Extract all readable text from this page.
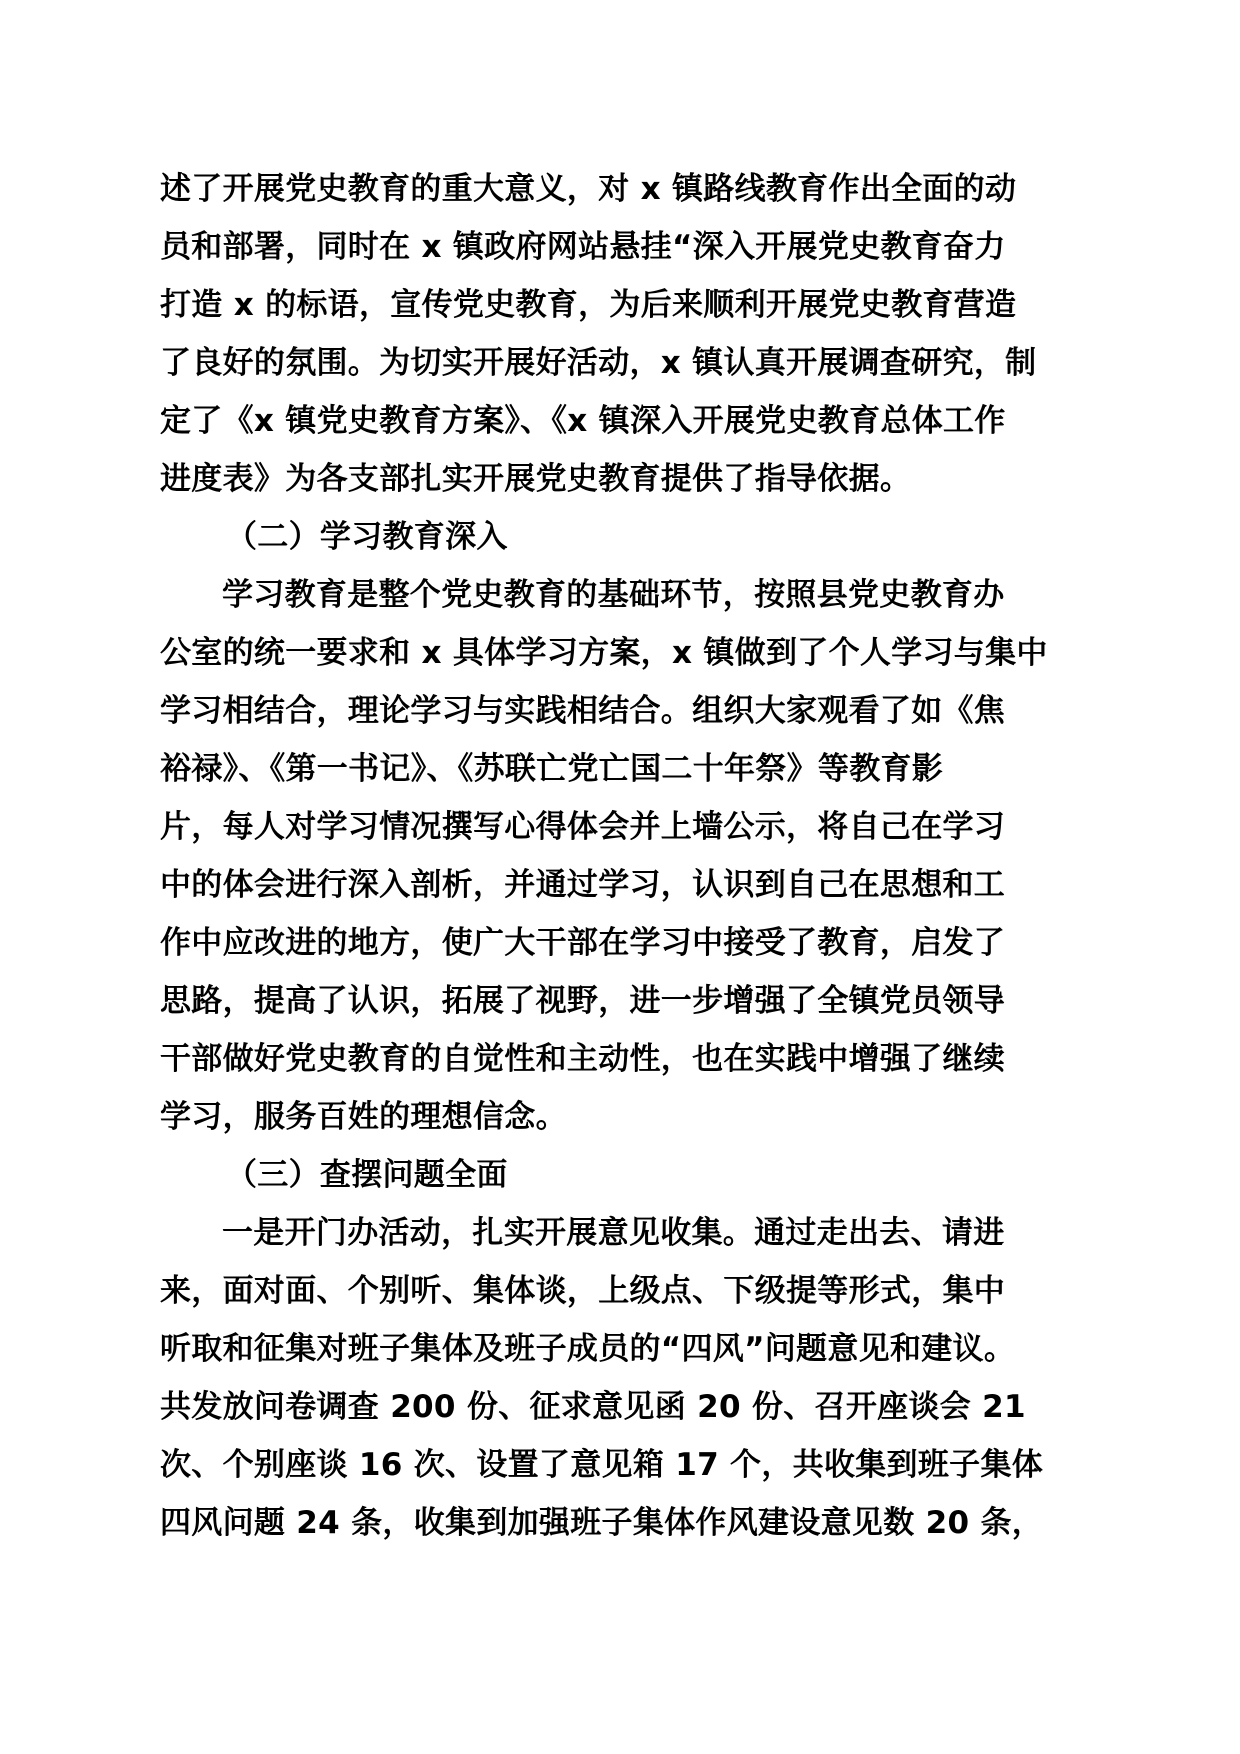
述了开展党史教育的重大意义，对 x 镇路线教育作出全面的动
员和部署，同时在 x 镇政府网站悬挂“深入开展党史教育奋力
打造 x 的标语，宣传党史教育，为后来顺利开展党史教育营造
了良好的氛围。为切实开展好活动，x 镇认真开展调查研究，制
定了《x 镇党史教育方案》、《x 镇深入开展党史教育总体工作
进度表》为各支部扎实开展党史教育提供了指导依据。
（二）学习教育深入
学习教育是整个党史教育的基础环节，按照县党史教育办
公室的统一要求和 x 具体学习方案，x 镇做到了个人学习与集中
学习相结合，理论学习与实践相结合。组织大家观看了如《焦
裕禄》、《第一书记》、《苏联亡党亡国二十年祭》等教育影
片，每人对学习情况撰写心得体会并上墙公示，将自己在学习
中的体会进行深入剖析，并通过学习，认识到自己在思想和工
作中应改进的地方，使广大干部在学习中接受了教育，启发了
思路，提高了认识，拓展了视野，进一步增强了全镇党员领导
干部做好党史教育的自觉性和主动性，也在实践中增强了继续
学习，服务百姓的理想信念。
（三）查摆问题全面
一是开门办活动，扎实开展意见收集。通过走出去、请进
来，面对面、个别听、集体谈，上级点、下级提等形式，集中
听取和征集对班子集体及班子成员的“四风”问题意见和建议。
共发放问卷调查 200 份、征求意见函 20 份、召开座谈会 21
次、个别座谈 16 次、设置了意见箱 17 个，共收集到班子集体
四风问题 24 条，收集到加强班子集体作风建设意见数 20 条，
